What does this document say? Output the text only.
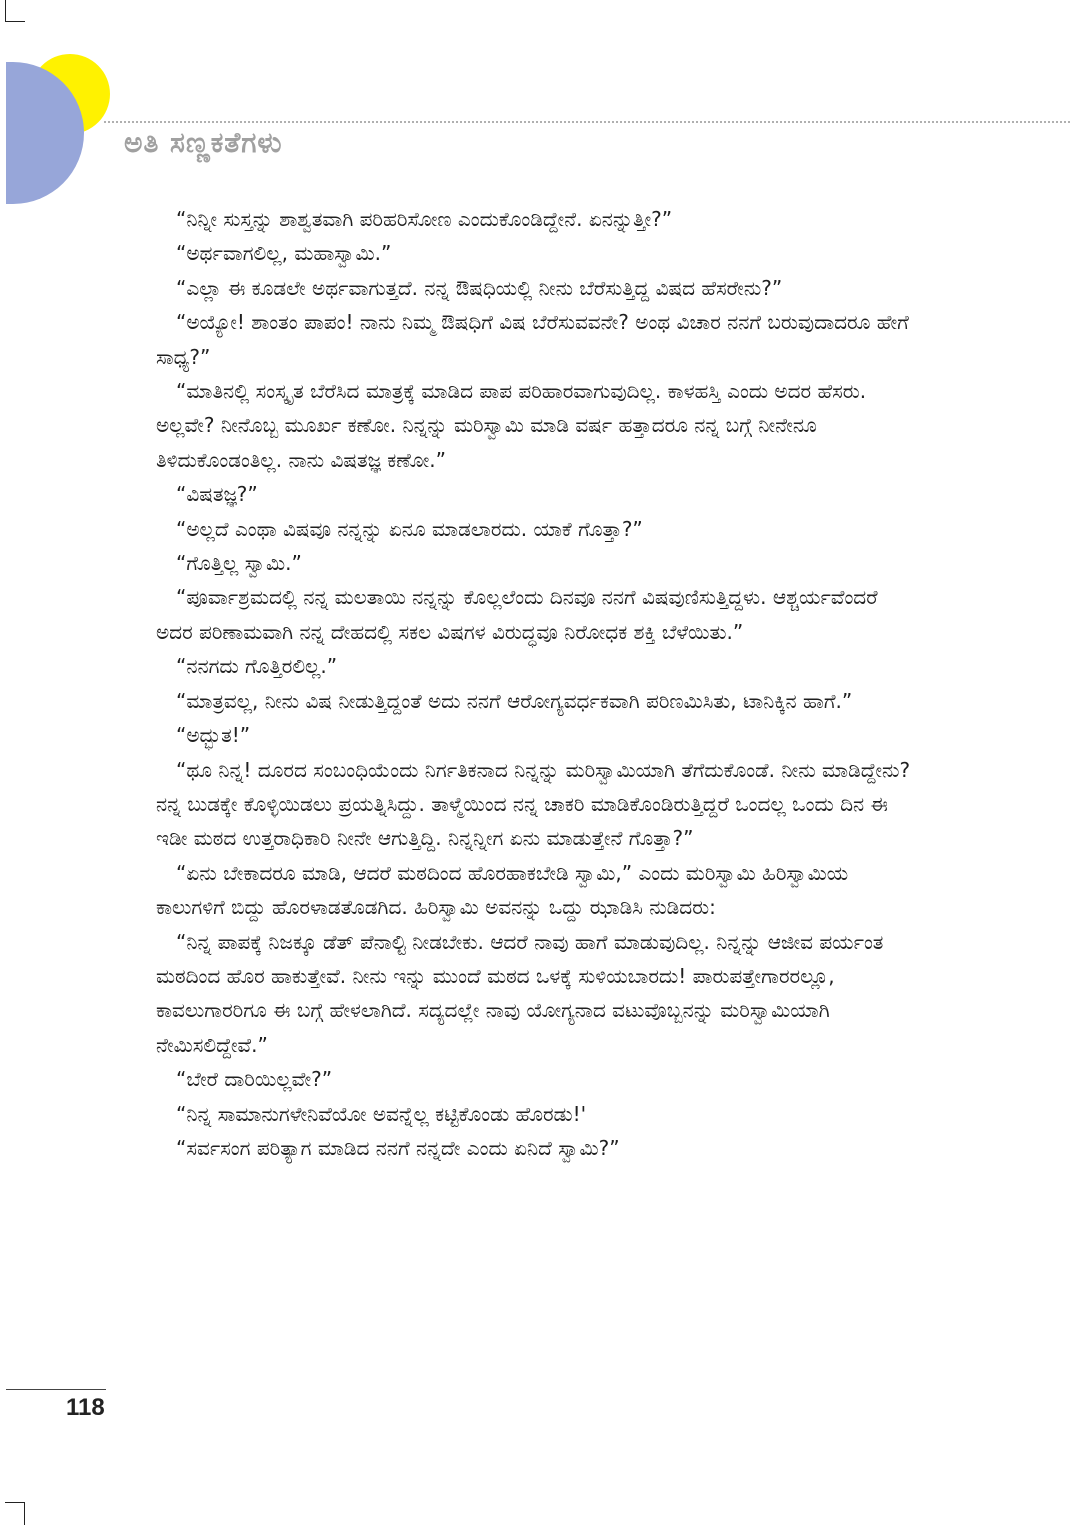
ಅತಿ ಸಣ್ಣಕತೆಗಳು

“ನಿನ್ನೀ ಸುಸ್ತನ್ನು ಶಾಶ್ವತವಾಗಿ ಪರಿಹರಿಸೋಣ ಎಂದುಕೊಂಡಿದ್ದೇನೆ. ಏನನ್ನುತ್ತೀ?”

“ಅರ್ಥವಾಗಲಿಲ್ಲ, ಮಹಾಸ್ವಾಮಿ.”

“ಎಲ್ಲಾ ಈ ಕೂಡಲೇ ಅರ್ಥವಾಗುತ್ತದೆ. ನನ್ನ ಔಷಧಿಯಲ್ಲಿ ನೀನು ಬೆರೆಸುತ್ತಿದ್ದ ವಿಷದ ಹೆಸರೇನು?”

“ಅಯ್ಯೋ! ಶಾಂತಂ ಪಾಪಂ! ನಾನು ನಿಮ್ಮ ಔಷಧಿಗೆ ವಿಷ ಬೆರೆಸುವವನೇ? ಅಂಥ ವಿಚಾರ ನನಗೆ ಬರುವುದಾದರೂ ಹೇಗೆ ಸಾಧ್ಯ?”

“ಮಾತಿನಲ್ಲಿ ಸಂಸ್ಕೃತ ಬೆರೆಸಿದ ಮಾತ್ರಕ್ಕೆ ಮಾಡಿದ ಪಾಪ ಪರಿಹಾರವಾಗುವುದಿಲ್ಲ. ಕಾಳಹಸ್ತಿ ಎಂದು ಅದರ ಹೆಸರು. ಅಲ್ಲವೇ? ನೀನೊಬ್ಬ ಮೂರ್ಖ ಕಣೋ. ನಿನ್ನನ್ನು ಮರಿಸ್ವಾಮಿ ಮಾಡಿ ವರ್ಷ ಹತ್ತಾದರೂ ನನ್ನ ಬಗ್ಗೆ ನೀನೇನೂ ತಿಳಿದುಕೊಂಡಂತಿಲ್ಲ. ನಾನು ವಿಷತಜ್ಞ ಕಣೋ.”

“ವಿಷತಜ್ಞ?”

“ಅಲ್ಲದೆ ಎಂಥಾ ವಿಷವೂ ನನ್ನನ್ನು ಏನೂ ಮಾಡಲಾರದು. ಯಾಕೆ ಗೊತ್ತಾ?”

“ಗೊತ್ತಿಲ್ಲ ಸ್ವಾಮಿ.”

“ಪೂರ್ವಾಶ್ರಮದಲ್ಲಿ ನನ್ನ ಮಲತಾಯಿ ನನ್ನನ್ನು ಕೊಲ್ಲಲೆಂದು ದಿನವೂ ನನಗೆ ವಿಷವುಣಿಸುತ್ತಿದ್ದಳು. ಆಶ್ಚರ್ಯವೆಂದರೆ ಅದರ ಪರಿಣಾಮವಾಗಿ ನನ್ನ ದೇಹದಲ್ಲಿ ಸಕಲ ವಿಷಗಳ ವಿರುದ್ಧವೂ ನಿರೋಧಕ ಶಕ್ತಿ ಬೆಳೆಯಿತು.”

“ನನಗದು ಗೊತ್ತಿರಲಿಲ್ಲ.”

“ಮಾತ್ರವಲ್ಲ, ನೀನು ವಿಷ ನೀಡುತ್ತಿದ್ದಂತೆ ಅದು ನನಗೆ ಆರೋಗ್ಯವರ್ಧಕವಾಗಿ ಪರಿಣಮಿಸಿತು, ಟಾನಿಕ್ಕಿನ ಹಾಗೆ.”

“ಅದ್ಭುತ!”

“ಥೂ ನಿನ್ನ! ದೂರದ ಸಂಬಂಧಿಯೆಂದು ನಿರ್ಗತಿಕನಾದ ನಿನ್ನನ್ನು ಮರಿಸ್ವಾಮಿಯಾಗಿ ತೆಗೆದುಕೊಂಡೆ. ನೀನು ಮಾಡಿದ್ದೇನು? ನನ್ನ ಬುಡಕ್ಕೇ ಕೊಳ್ಳಿಯಿಡಲು ಪ್ರಯತ್ನಿಸಿದ್ದು. ತಾಳ್ಮೆಯಿಂದ ನನ್ನ ಚಾಕರಿ ಮಾಡಿಕೊಂಡಿರುತ್ತಿದ್ದರೆ ಒಂದಲ್ಲ ಒಂದು ದಿನ ಈ ಇಡೀ ಮಠದ ಉತ್ತರಾಧಿಕಾರಿ ನೀನೇ ಆಗುತ್ತಿದ್ದಿ. ನಿನ್ನನ್ನೀಗ ಏನು ಮಾಡುತ್ತೇನೆ ಗೊತ್ತಾ?”

“ಏನು ಬೇಕಾದರೂ ಮಾಡಿ, ಆದರೆ ಮಠದಿಂದ ಹೊರಹಾಕಬೇಡಿ ಸ್ವಾಮಿ,” ಎಂದು ಮರಿಸ್ವಾಮಿ ಹಿರಿಸ್ವಾಮಿಯ ಕಾಲುಗಳಿಗೆ ಬಿದ್ದು ಹೊರಳಾಡತೊಡಗಿದ. ಹಿರಿಸ್ವಾಮಿ ಅವನನ್ನು ಒದ್ದು ಝಾಡಿಸಿ ನುಡಿದರು:

“ನಿನ್ನ ಪಾಪಕ್ಕೆ ನಿಜಕ್ಕೂ ಡೆತ್ ಪೆನಾಲ್ಟಿ ನೀಡಬೇಕು. ಆದರೆ ನಾವು ಹಾಗೆ ಮಾಡುವುದಿಲ್ಲ. ನಿನ್ನನ್ನು ಆಜೀವ ಪರ್ಯಂತ ಮಠದಿಂದ ಹೊರ ಹಾಕುತ್ತೇವೆ. ನೀನು ಇನ್ನು ಮುಂದೆ ಮಠದ ಒಳಕ್ಕೆ ಸುಳಿಯಬಾರದು! ಪಾರುಪತ್ತೇಗಾರರಲ್ಲೂ, ಕಾವಲುಗಾರರಿಗೂ ಈ ಬಗ್ಗೆ ಹೇಳಲಾಗಿದೆ. ಸದ್ಯದಲ್ಲೇ ನಾವು ಯೋಗ್ಯನಾದ ವಟುವೊಬ್ಬನನ್ನು ಮರಿಸ್ವಾಮಿಯಾಗಿ ನೇಮಿಸಲಿದ್ದೇವೆ.”

“ಬೇರೆ ದಾರಿಯಿಲ್ಲವೇ?”

“ನಿನ್ನ ಸಾಮಾನುಗಳೇನಿವೆಯೋ ಅವನ್ನೆಲ್ಲ ಕಟ್ಟಿಕೊಂಡು ಹೊರಡು!'

“ಸರ್ವಸಂಗ ಪರಿತ್ಯಾಗ ಮಾಡಿದ ನನಗೆ ನನ್ನದೇ ಎಂದು ಏನಿದೆ ಸ್ವಾಮಿ?”

118
